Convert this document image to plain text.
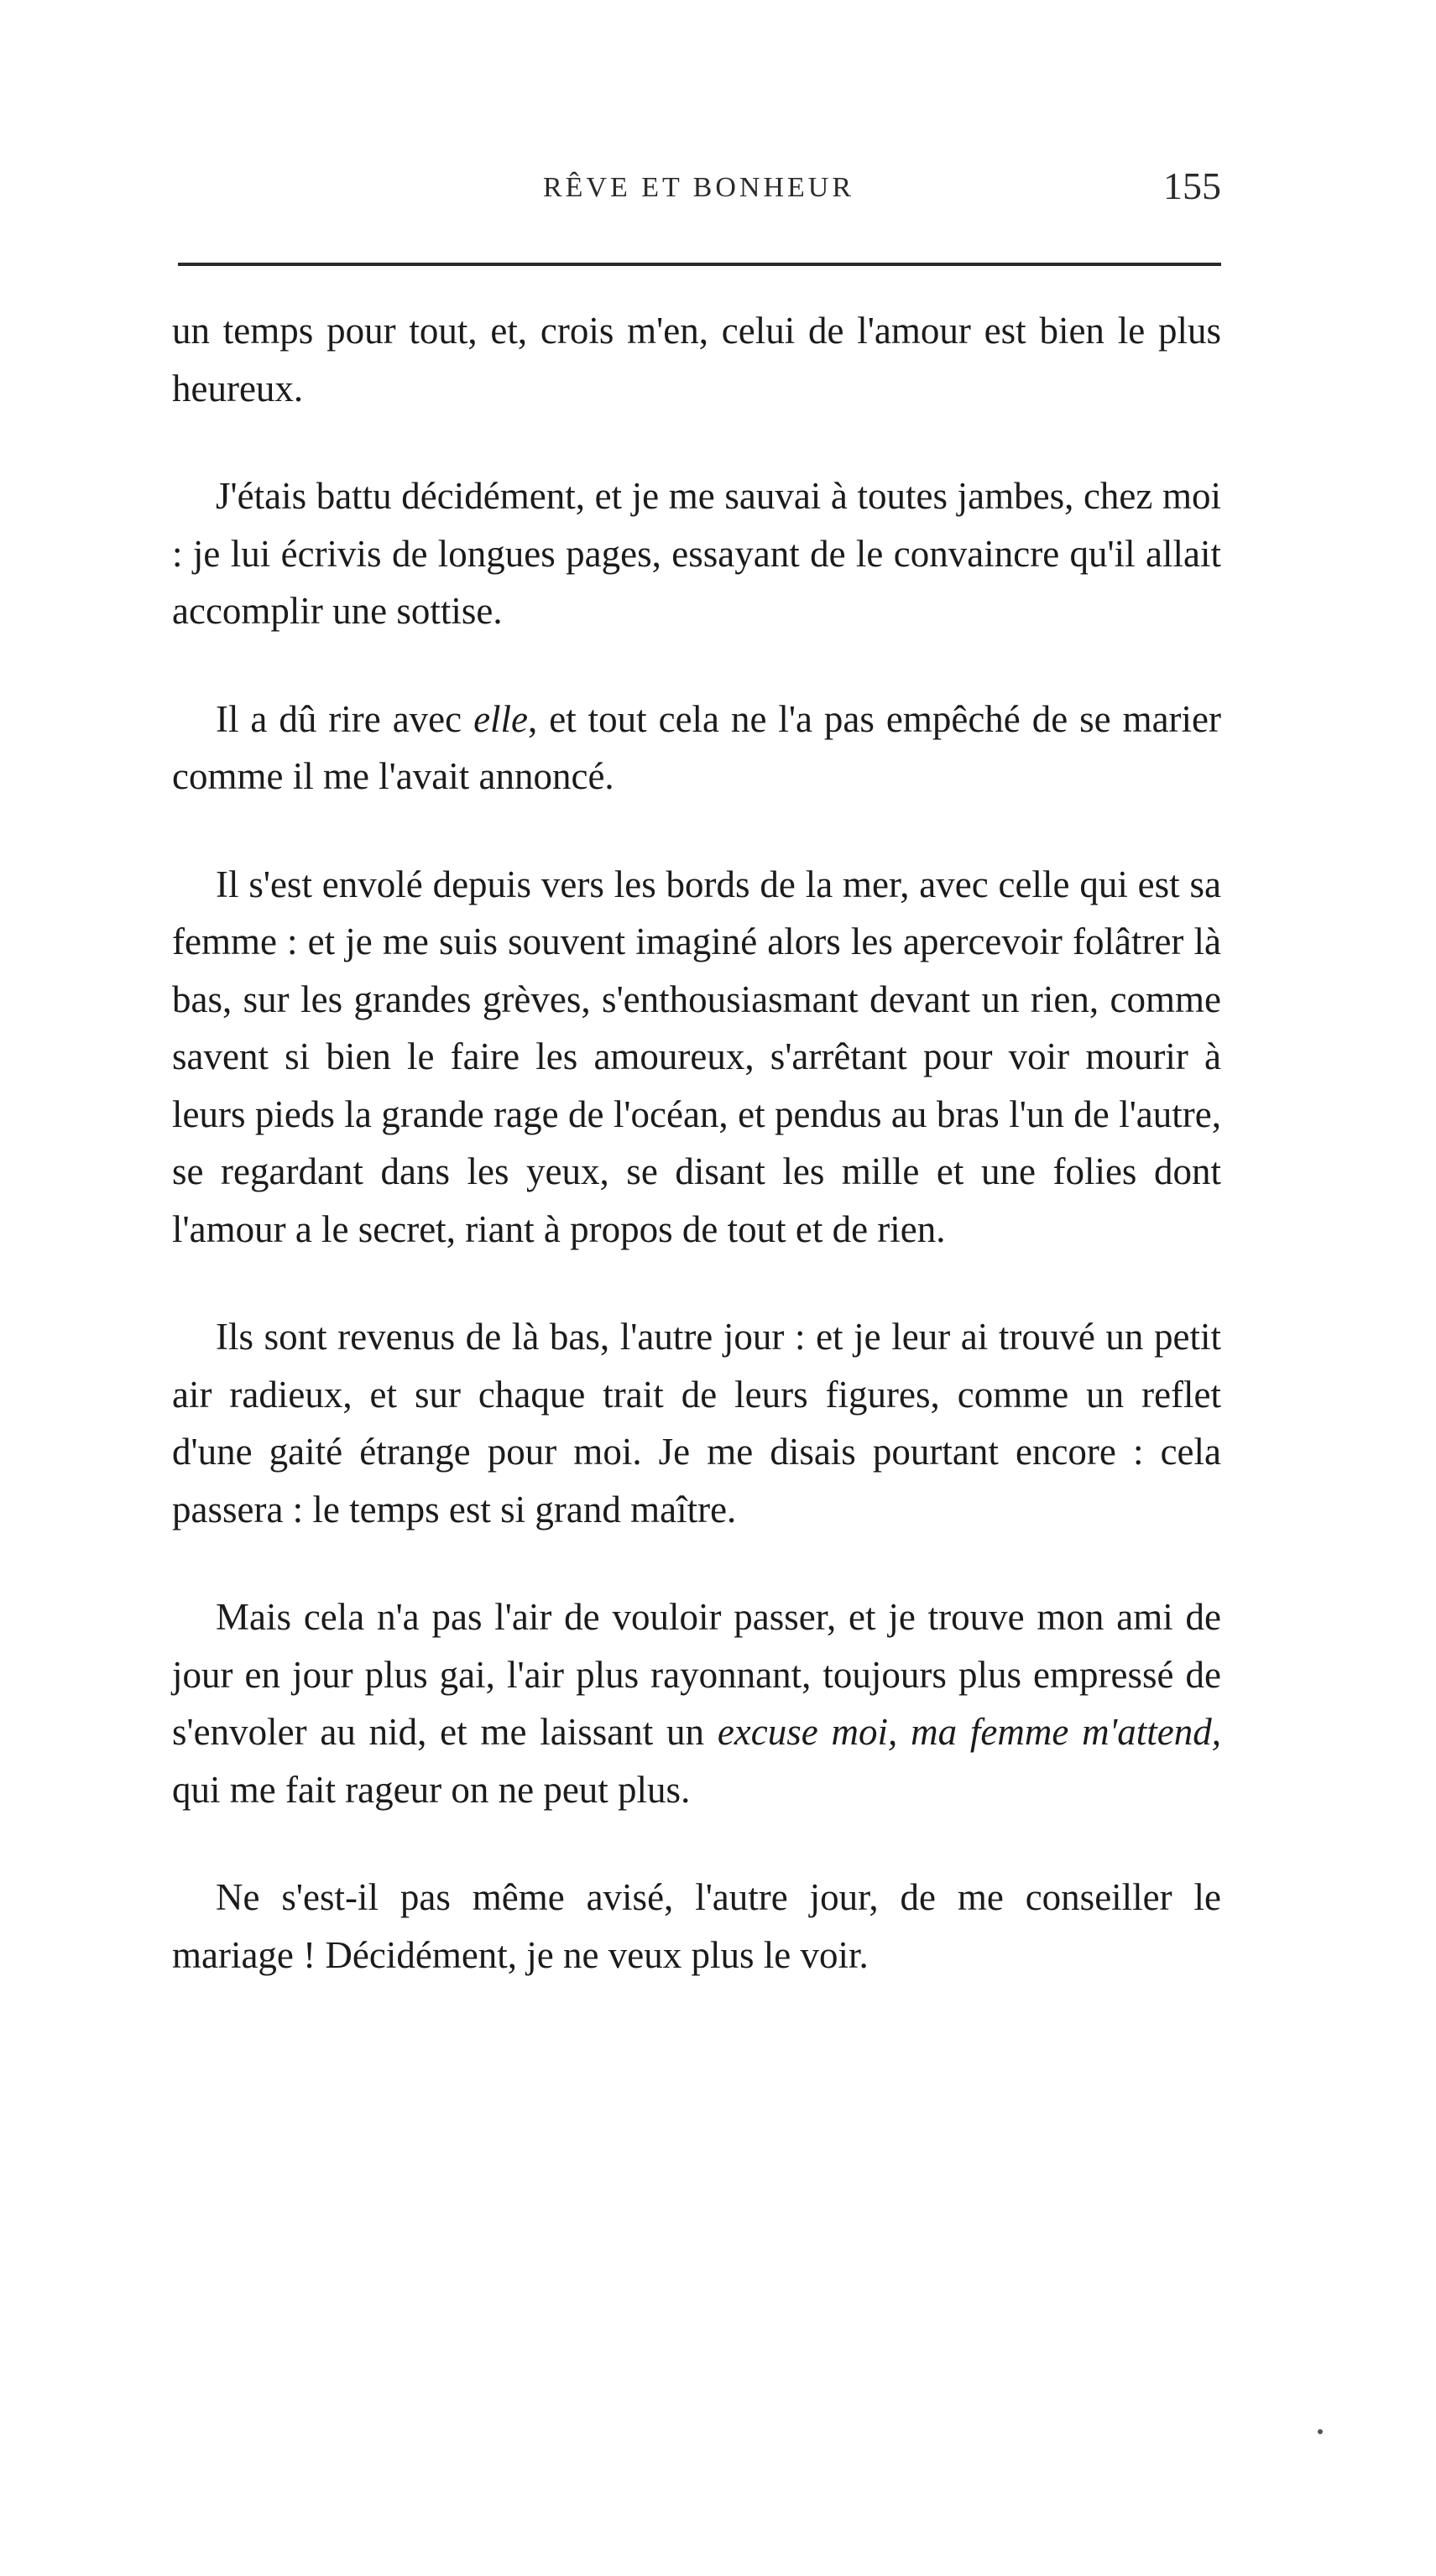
RÊVE ET BONHEUR	155

un temps pour tout, et, crois m'en, celui de l'amour est bien le plus heureux.

J'étais battu décidément, et je me sauvai à toutes jambes, chez moi : je lui écrivis de longues pages, essayant de le convaincre qu'il allait accomplir une sottise.

Il a dû rire avec elle, et tout cela ne l'a pas empêché de se marier comme il me l'avait annoncé.

Il s'est envolé depuis vers les bords de la mer, avec celle qui est sa femme : et je me suis souvent imaginé alors les apercevoir folâtrer là bas, sur les grandes grèves, s'enthousiasmant devant un rien, comme savent si bien le faire les amoureux, s'arrêtant pour voir mourir à leurs pieds la grande rage de l'océan, et pendus au bras l'un de l'autre, se regardant dans les yeux, se disant les mille et une folies dont l'amour a le secret, riant à propos de tout et de rien.

Ils sont revenus de là bas, l'autre jour : et je leur ai trouvé un petit air radieux, et sur chaque trait de leurs figures, comme un reflet d'une gaité étrange pour moi. Je me disais pourtant encore : cela passera : le temps est si grand maître.

Mais cela n'a pas l'air de vouloir passer, et je trouve mon ami de jour en jour plus gai, l'air plus rayonnant, toujours plus empressé de s'envoler au nid, et me laissant un excuse moi, ma femme m'attend, qui me fait rageur on ne peut plus.

Ne s'est-il pas même avisé, l'autre jour, de me conseiller le mariage ! Décidément, je ne veux plus le voir.
